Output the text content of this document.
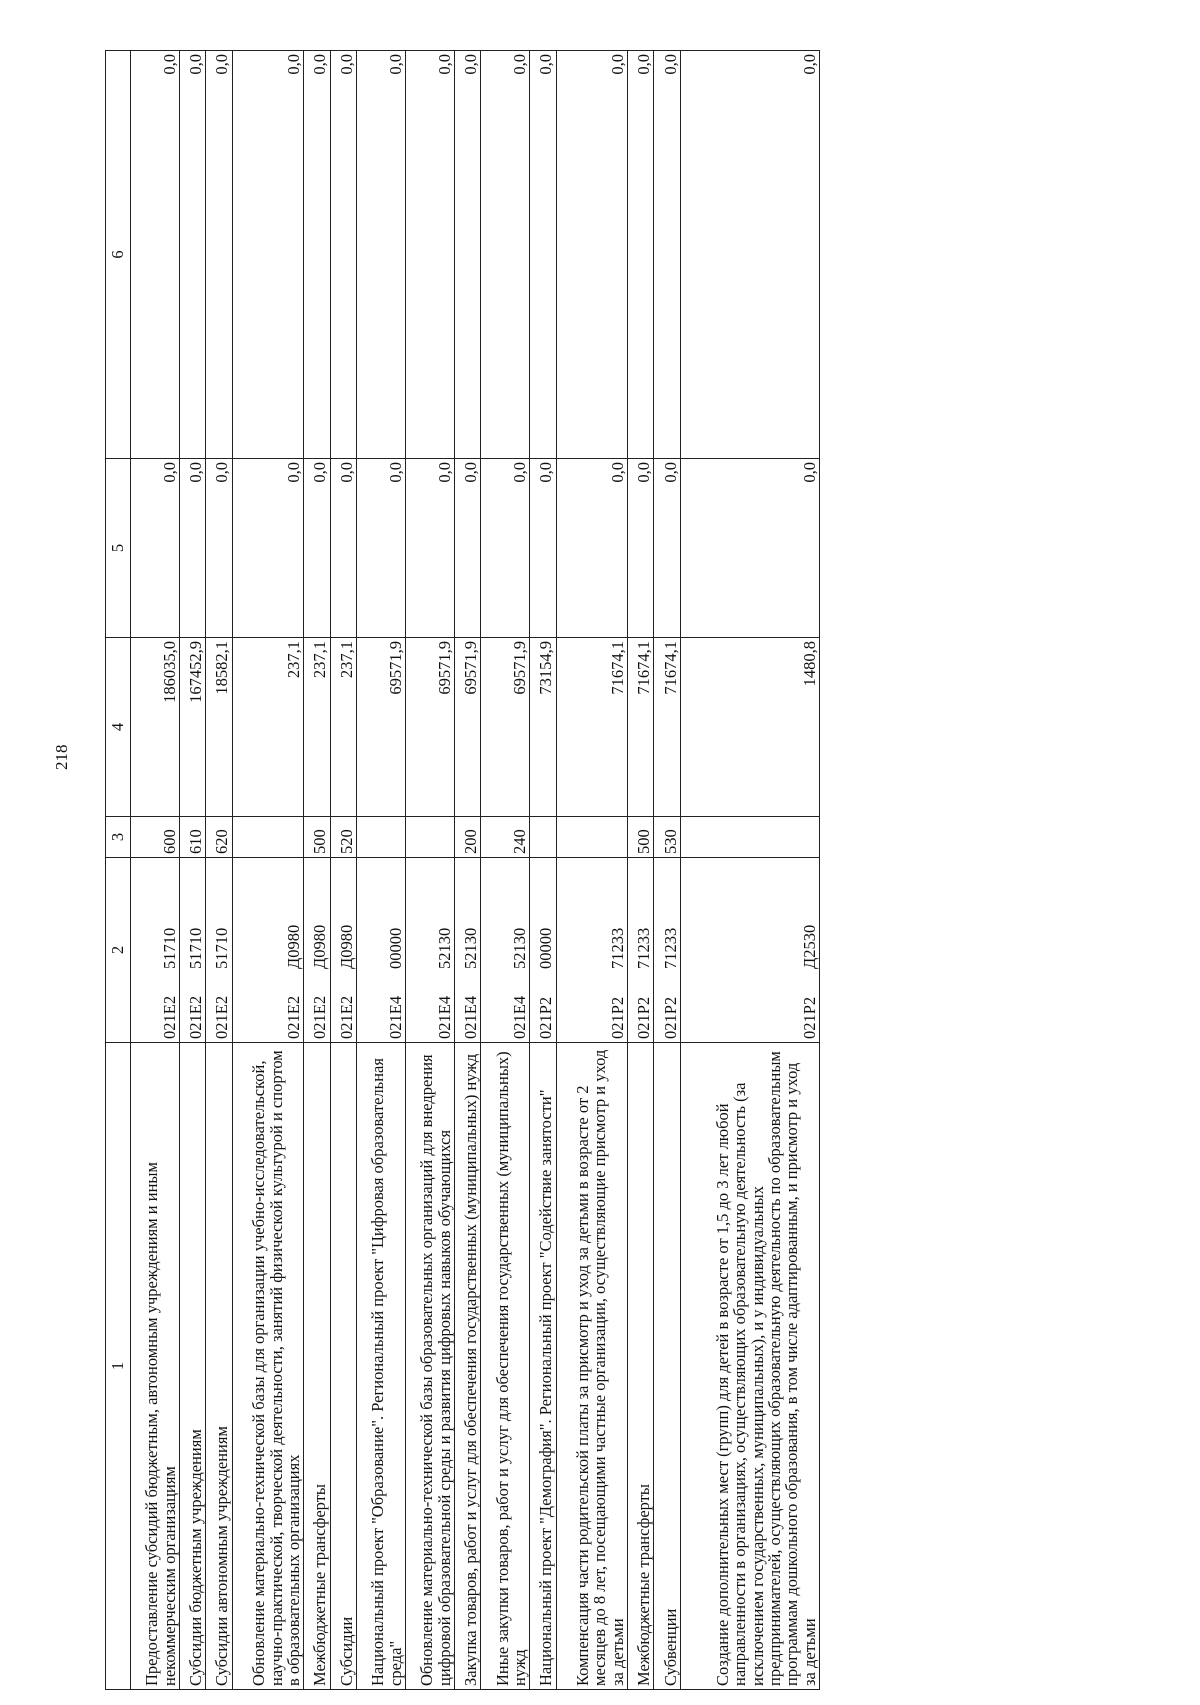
218
1	2	3	4	5	6
Предоставление субсидий бюджетным, автономным учреждениям и иным некоммерческим организациям	021E251710	600	186035,0	0,0	0,0
Субсидии бюджетным учреждениям	021E251710	610	167452,9	0,0	0,0
Субсидии автономным учреждениям	021E251710	620	18582,1	0,0	0,0
Обновление материально-технической базы для организации учебно-исследовательской, научно-практической, творческой деятельности, занятий физической культурой и спортом в образовательных организациях	021E2Д0980		237,1	0,0	0,0
Межбюджетные трансферты	021E2Д0980	500	237,1	0,0	0,0
Субсидии	021E2Д0980	520	237,1	0,0	0,0
Национальный проект "Образование". Региональный проект "Цифровая образовательная среда"	021E400000		69571,9	0,0	0,0
Обновление материально-технической базы образовательных организаций для внедрения цифровой образовательной среды и развития цифровых навыков обучающихся	021E452130		69571,9	0,0	0,0
Закупка товаров, работ и услуг для обеспечения государственных (муниципальных) нужд	021E452130	200	69571,9	0,0	0,0
Иные закупки товаров, работ и услуг для обеспечения государственных (муниципальных) нужд	021E452130	240	69571,9	0,0	0,0
Национальный проект "Демография". Региональный проект "Содействие занятости"	021P200000		73154,9	0,0	0,0
Компенсация части родительской платы за присмотр и уход за детьми в возрасте от 2 месяцев до 8 лет, посещающими частные организации, осуществляющие присмотр и уход за детьми	021P271233		71674,1	0,0	0,0
Межбюджетные трансферты	021P271233	500	71674,1	0,0	0,0
Субвенции	021P271233	530	71674,1	0,0	0,0
Создание дополнительных мест (групп) для детей в возрасте от 1,5 до 3 лет любой направленности в организациях, осуществляющих образовательную деятельность (за исключением государственных, муниципальных), и у индивидуальных предпринимателей, осуществляющих образовательную деятельность по образовательным программам дошкольного образования, в том числе адаптированным, и присмотр и уход за детьми	021P2Д2530		1480,8	0,0	0,0
